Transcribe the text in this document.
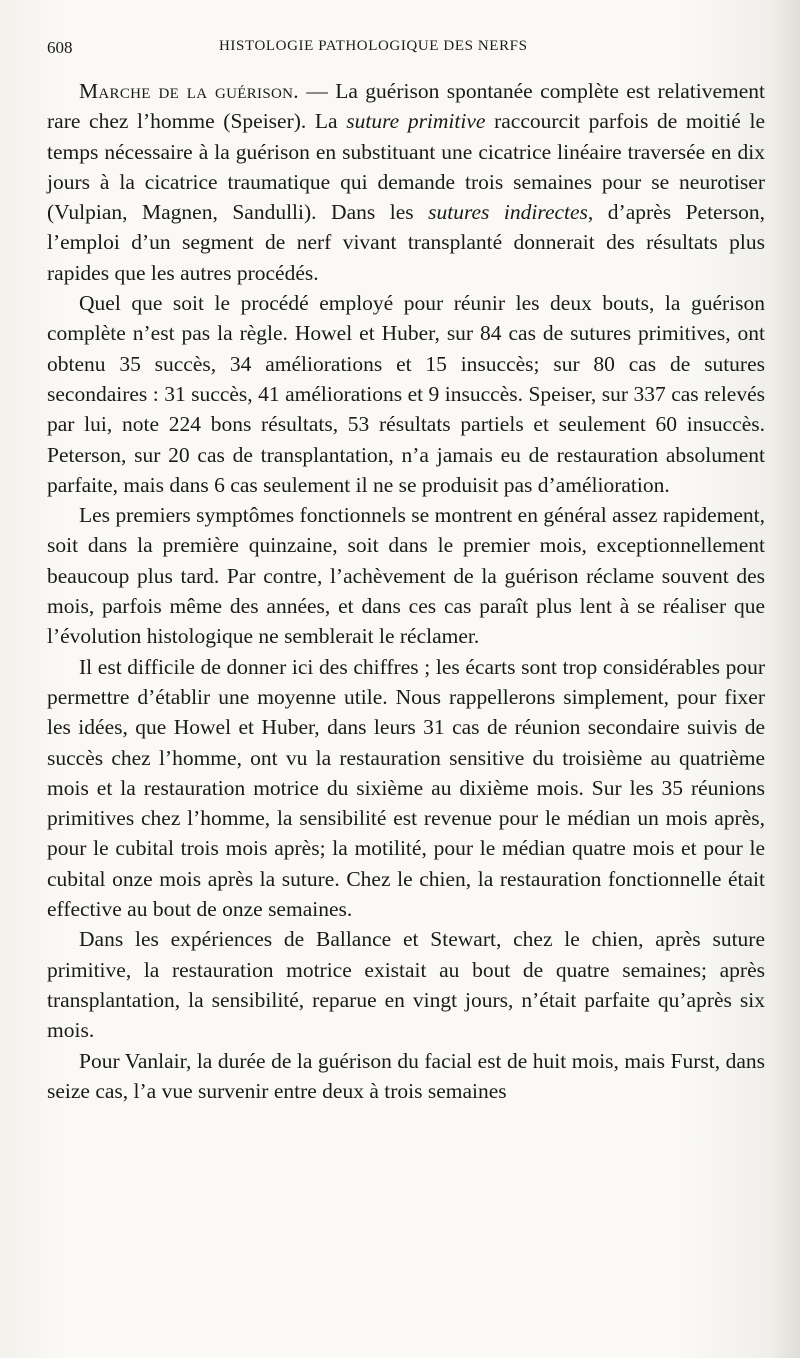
608	HISTOLOGIE PATHOLOGIQUE DES NERFS

Marche de la guérison. — La guérison spontanée complète est relativement rare chez l’homme (Speiser). La suture primitive raccourcit parfois de moitié le temps nécessaire à la guérison en substituant une cicatrice linéaire traversée en dix jours à la cicatrice traumatique qui demande trois semaines pour se neurotiser (Vulpian, Magnen, Sandulli). Dans les sutures indirectes, d’après Peterson, l’emploi d’un segment de nerf vivant transplanté donnerait des résultats plus rapides que les autres procédés.

Quel que soit le procédé employé pour réunir les deux bouts, la guérison complète n’est pas la règle. Howel et Huber, sur 84 cas de sutures primitives, ont obtenu 35 succès, 34 améliorations et 15 insuccès; sur 80 cas de sutures secondaires : 31 succès, 41 améliorations et 9 insuccès. Speiser, sur 337 cas relevés par lui, note 224 bons résultats, 53 résultats partiels et seulement 60 insuccès. Peterson, sur 20 cas de transplantation, n’a jamais eu de restauration absolument parfaite, mais dans 6 cas seulement il ne se produisit pas d’amélioration.

Les premiers symptômes fonctionnels se montrent en général assez rapidement, soit dans la première quinzaine, soit dans le premier mois, exceptionnellement beaucoup plus tard. Par contre, l’achèvement de la guérison réclame souvent des mois, parfois même des années, et dans ces cas paraît plus lent à se réaliser que l’évolution histologique ne semblerait le réclamer.

Il est difficile de donner ici des chiffres ; les écarts sont trop considérables pour permettre d’établir une moyenne utile. Nous rappellerons simplement, pour fixer les idées, que Howel et Huber, dans leurs 31 cas de réunion secondaire suivis de succès chez l’homme, ont vu la restauration sensitive du troisième au quatrième mois et la restauration motrice du sixième au dixième mois. Sur les 35 réunions primitives chez l’homme, la sensibilité est revenue pour le médian un mois après, pour le cubital trois mois après; la motilité, pour le médian quatre mois et pour le cubital onze mois après la suture. Chez le chien, la restauration fonctionnelle était effective au bout de onze semaines.

Dans les expériences de Ballance et Stewart, chez le chien, après suture primitive, la restauration motrice existait au bout de quatre semaines; après transplantation, la sensibilité, reparue en vingt jours, n’était parfaite qu’après six mois.

Pour Vanlair, la durée de la guérison du facial est de huit mois, mais Furst, dans seize cas, l’a vue survenir entre deux à trois semaines
